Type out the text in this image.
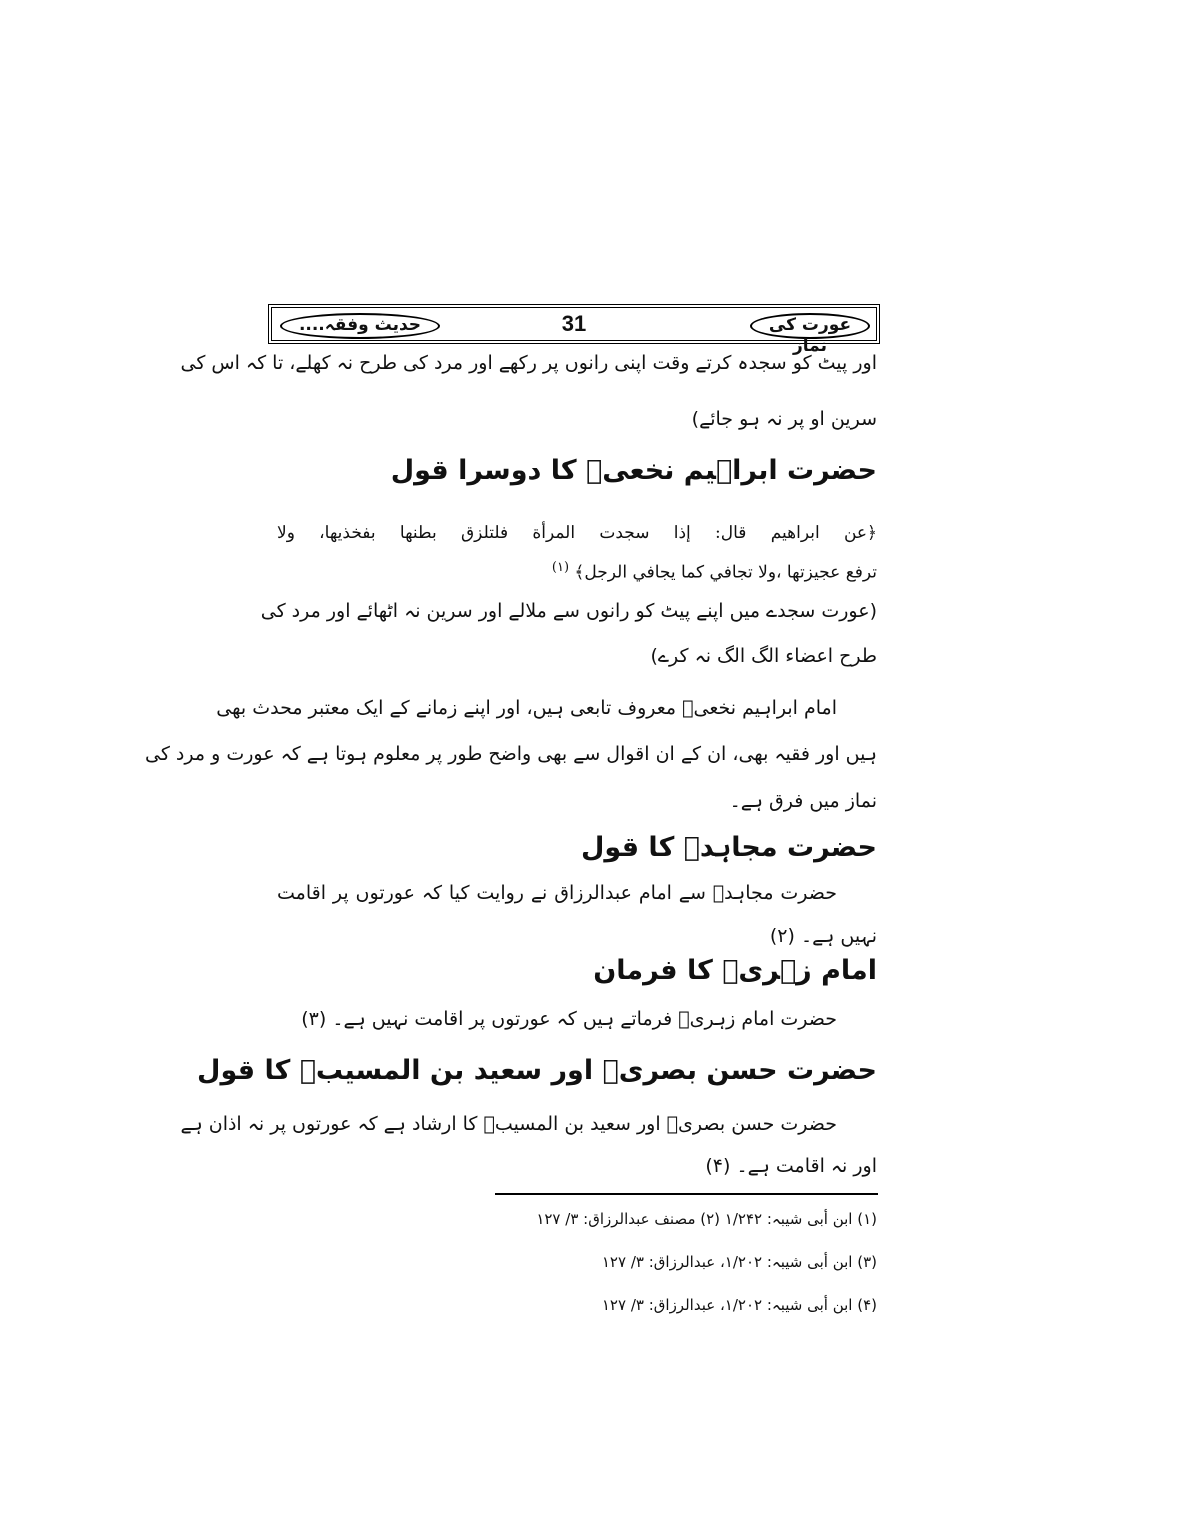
عورت کی نماز
31
حدیث وفقہ....
اور پیٹ کو سجدہ کرتے وقت اپنی رانوں پر رکھے اور مرد کی طرح نہ کھلے، تا کہ اس کی
سرین او پر نہ ہو جائے)
حضرت ابراہیم نخعیؒ کا دوسرا قول
﴿عن ابراهيم قال: إذا سجدت المرأة فلتلزق بطنها بفخذيها، ولا
ترفع عجيزتها ،ولا تجافي كما يجافي الرجل﴾ $^{(۱)}$
(عورت سجدے میں اپنے پیٹ کو رانوں سے ملالے اور سرین نہ اٹھائے اور مرد کی
طرح اعضاء الگ الگ نہ کرے)
امام ابراہیم نخعیؒ معروف تابعی ہیں، اور اپنے زمانے کے ایک معتبر محدث بھی
ہیں اور فقیہ بھی، ان کے ان اقوال سے بھی واضح طور پر معلوم ہوتا ہے کہ عورت و مرد کی
نماز میں فرق ہے۔
حضرت مجاہدؒ کا قول
حضرت مجاہدؒ سے امام عبدالرزاق نے روایت کیا کہ عورتوں پر اقامت
نہیں ہے۔ (۲)
امام زہریؒ کا فرمان
حضرت امام زہریؒ فرماتے ہیں کہ عورتوں پر اقامت نہیں ہے۔ (۳)
حضرت حسن بصریؒ اور سعید بن المسیبؒ کا قول
حضرت حسن بصریؒ اور سعید بن المسیبؒ کا ارشاد ہے کہ عورتوں پر نہ اذان ہے
اور نہ اقامت ہے۔ (۴)
(۱) ابن أبی شیبہ: ۱/۲۴۲ (۲) مصنف عبدالرزاق: ۳/ ۱۲۷
(۳) ابن أبی شیبہ: ۱/۲۰۲، عبدالرزاق: ۳/ ۱۲۷
(۴) ابن أبی شیبہ: ۱/۲۰۲، عبدالرزاق: ۳/ ۱۲۷
